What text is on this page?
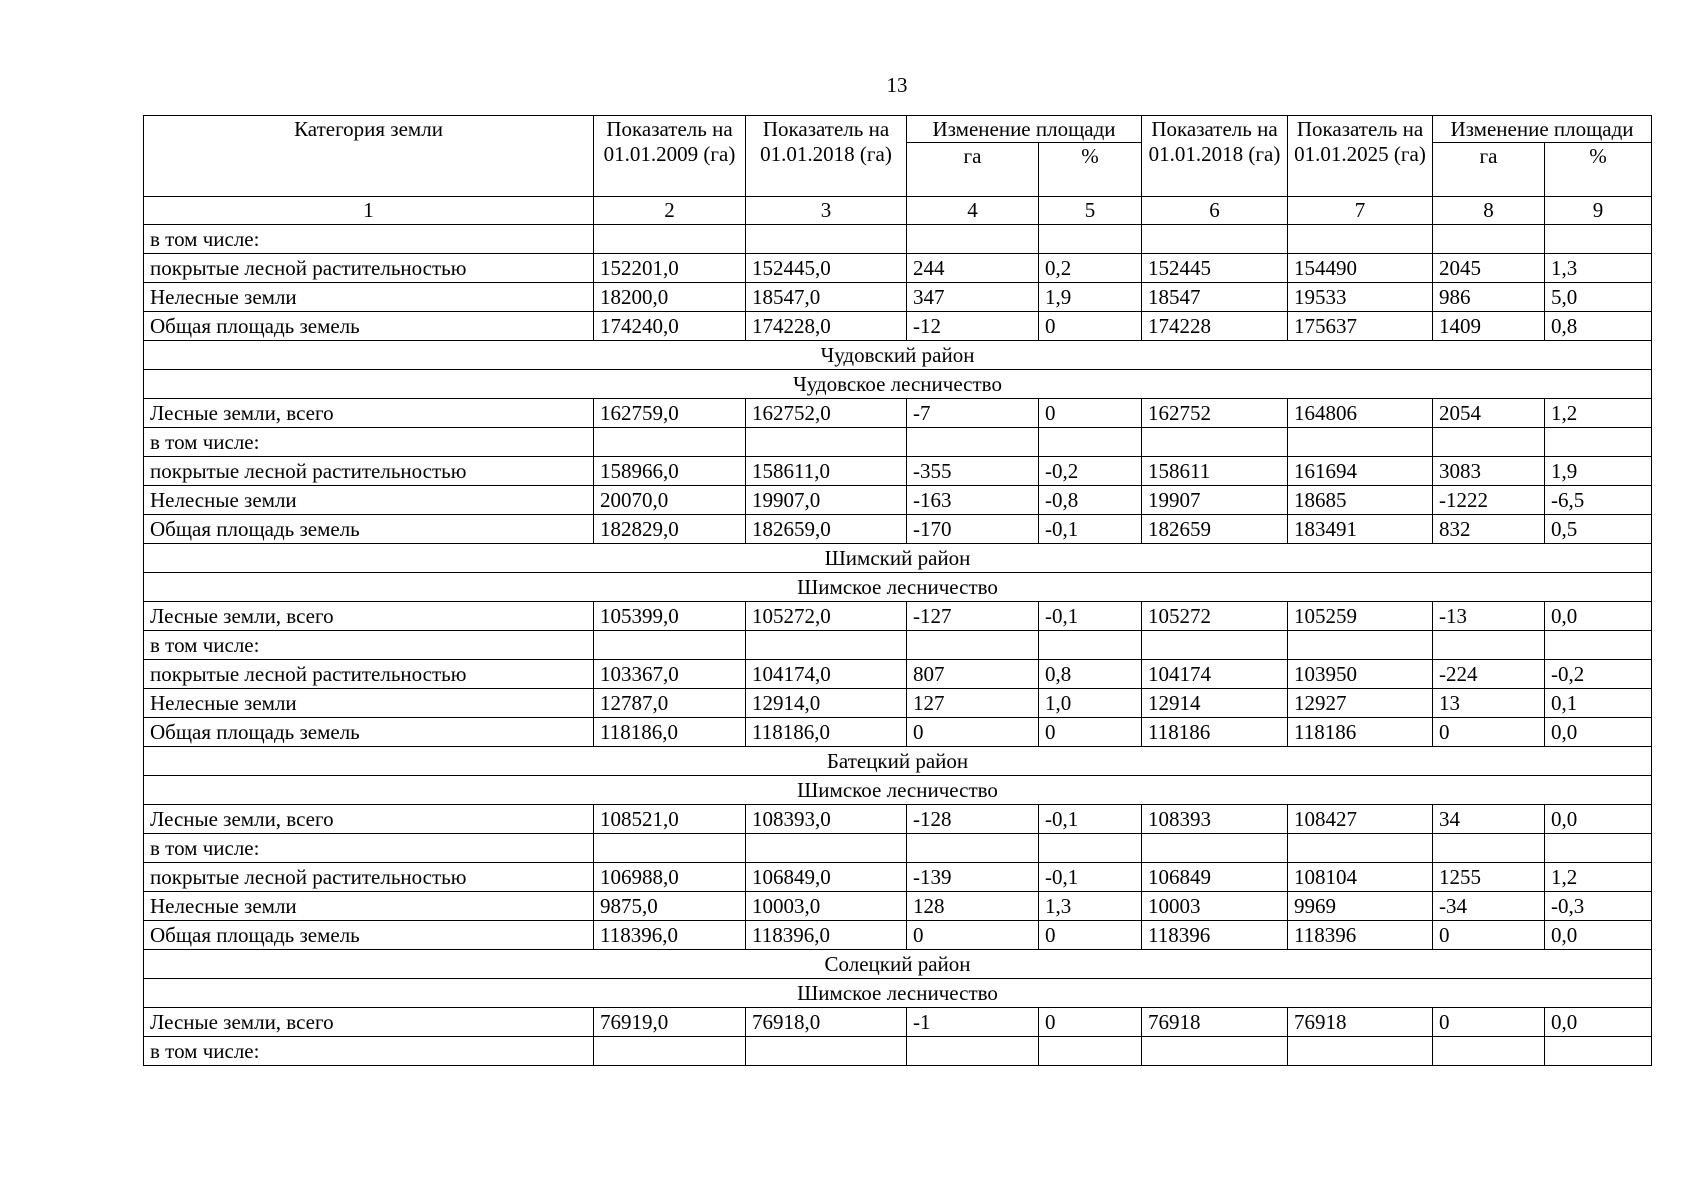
13
Категория земли	Показатель на 01.01.2009 (га)	Показатель на 01.01.2018 (га)	Изменение площади		Показатель на 01.01.2018 (га)	Показатель на 01.01.2025 (га)	Изменение площади	
			га	%			га	%
1	2	3	4	5	6	7	8	9
в том числе:								
покрытые лесной растительностью	152201,0	152445,0	244	0,2	152445	154490	2045	1,3
Нелесные земли	18200,0	18547,0	347	1,9	18547	19533	986	5,0
Общая площадь земель	174240,0	174228,0	-12	0	174228	175637	1409	0,8
Чудовский район								
Чудовское лесничество								
Лесные земли, всего	162759,0	162752,0	-7	0	162752	164806	2054	1,2
в том числе:								
покрытые лесной растительностью	158966,0	158611,0	-355	-0,2	158611	161694	3083	1,9
Нелесные земли	20070,0	19907,0	-163	-0,8	19907	18685	-1222	-6,5
Общая площадь земель	182829,0	182659,0	-170	-0,1	182659	183491	832	0,5
Шимский район								
Шимское лесничество								
Лесные земли, всего	105399,0	105272,0	-127	-0,1	105272	105259	-13	0,0
в том числе:								
покрытые лесной растительностью	103367,0	104174,0	807	0,8	104174	103950	-224	-0,2
Нелесные земли	12787,0	12914,0	127	1,0	12914	12927	13	0,1
Общая площадь земель	118186,0	118186,0	0	0	118186	118186	0	0,0
Батецкий район								
Шимское лесничество								
Лесные земли, всего	108521,0	108393,0	-128	-0,1	108393	108427	34	0,0
в том числе:								
покрытые лесной растительностью	106988,0	106849,0	-139	-0,1	106849	108104	1255	1,2
Нелесные земли	9875,0	10003,0	128	1,3	10003	9969	-34	-0,3
Общая площадь земель	118396,0	118396,0	0	0	118396	118396	0	0,0
Солецкий район								
Шимское лесничество								
Лесные земли, всего	76919,0	76918,0	-1	0	76918	76918	0	0,0
в том числе:								
